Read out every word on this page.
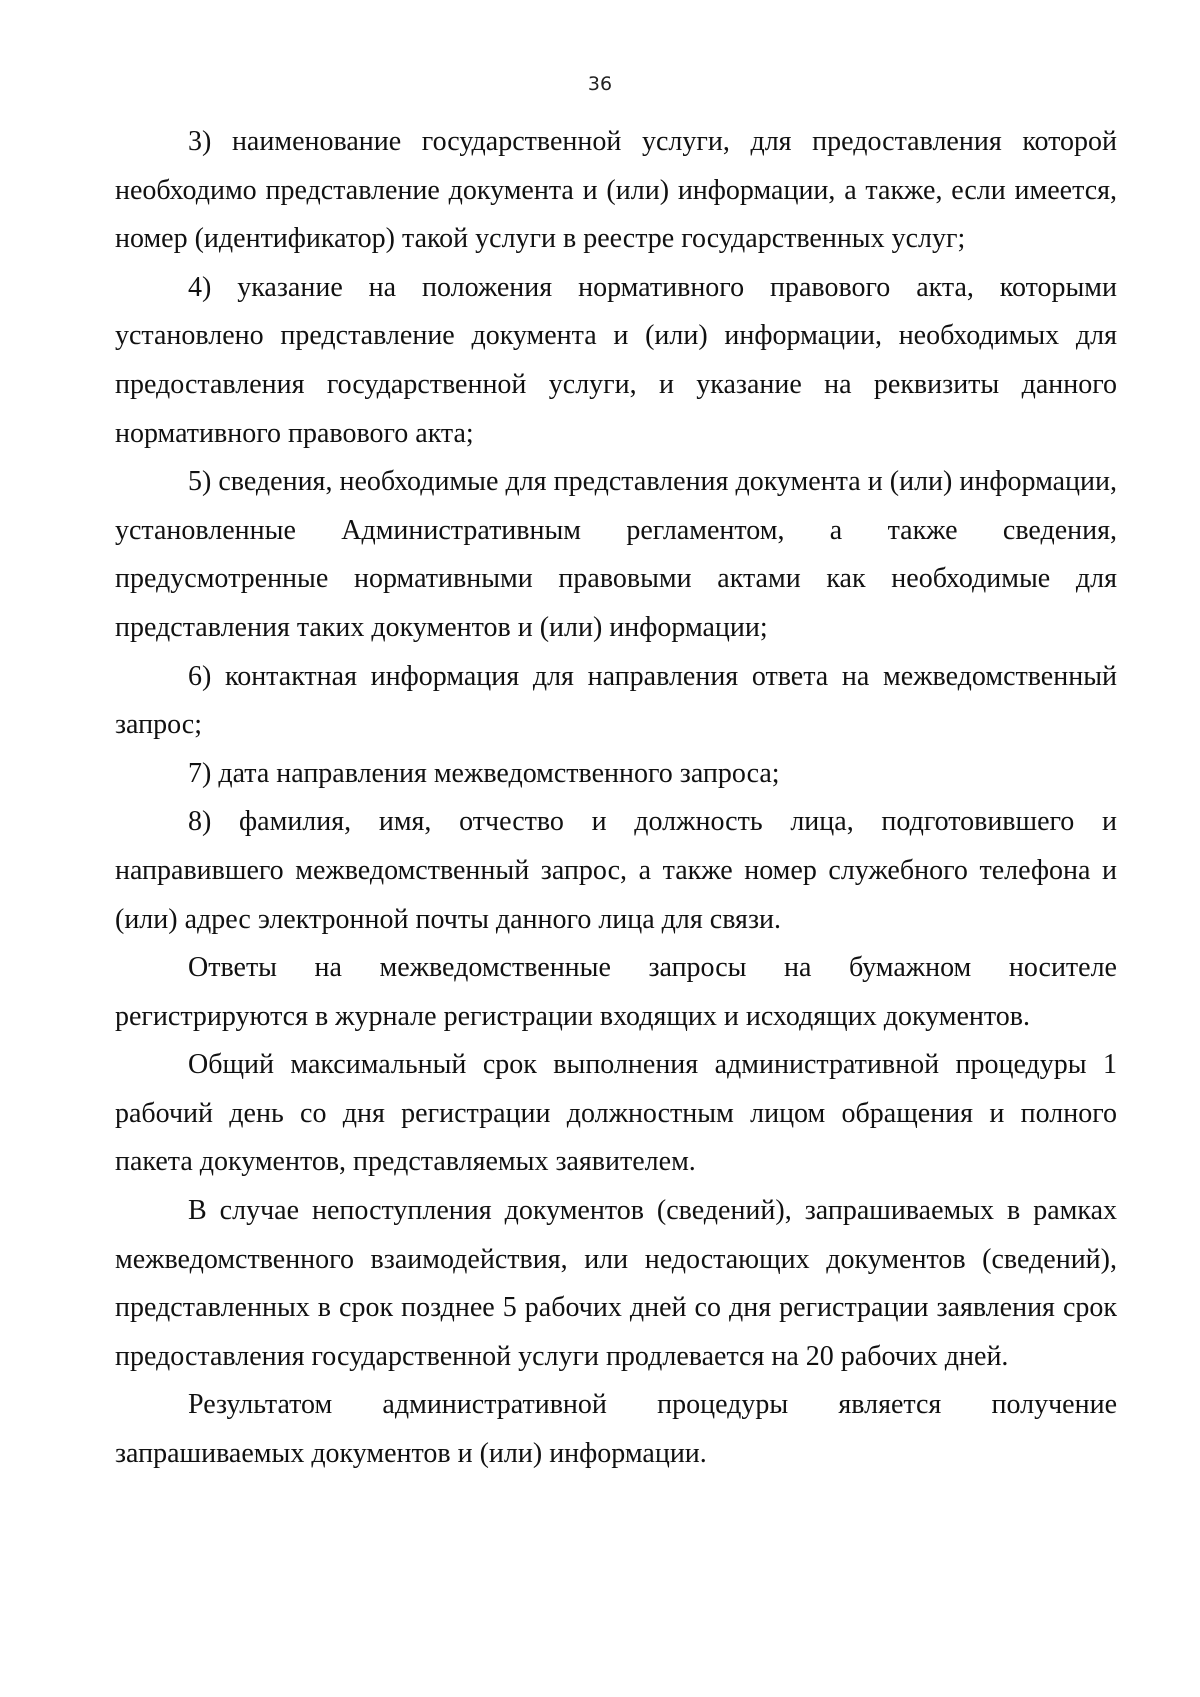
36

3) наименование государственной услуги, для предоставления которой необходимо представление документа и (или) информации, а также, если имеется, номер (идентификатор) такой услуги в реестре государственных услуг;

4) указание на положения нормативного правового акта, которыми установлено представление документа и (или) информации, необходимых для предоставления государственной услуги, и указание на реквизиты данного нормативного правового акта;

5) сведения, необходимые для представления документа и (или) информации, установленные Административным регламентом, а также сведения, предусмотренные нормативными правовыми актами как необходимые для представления таких документов и (или) информации;

6) контактная информация для направления ответа на межведомственный запрос;

7) дата направления межведомственного запроса;

8) фамилия, имя, отчество и должность лица, подготовившего и направившего межведомственный запрос, а также номер служебного телефона и (или) адрес электронной почты данного лица для связи.

Ответы на межведомственные запросы на бумажном носителе регистрируются в журнале регистрации входящих и исходящих документов.

Общий максимальный срок выполнения административной процедуры 1 рабочий день со дня регистрации должностным лицом обращения и полного пакета документов, представляемых заявителем.

В случае непоступления документов (сведений), запрашиваемых в рамках межведомственного взаимодействия, или недостающих документов (сведений), представленных в срок позднее 5 рабочих дней со дня регистрации заявления срок предоставления государственной услуги продлевается на 20 рабочих дней.

Результатом административной процедуры является получение запрашиваемых документов и (или) информации.
